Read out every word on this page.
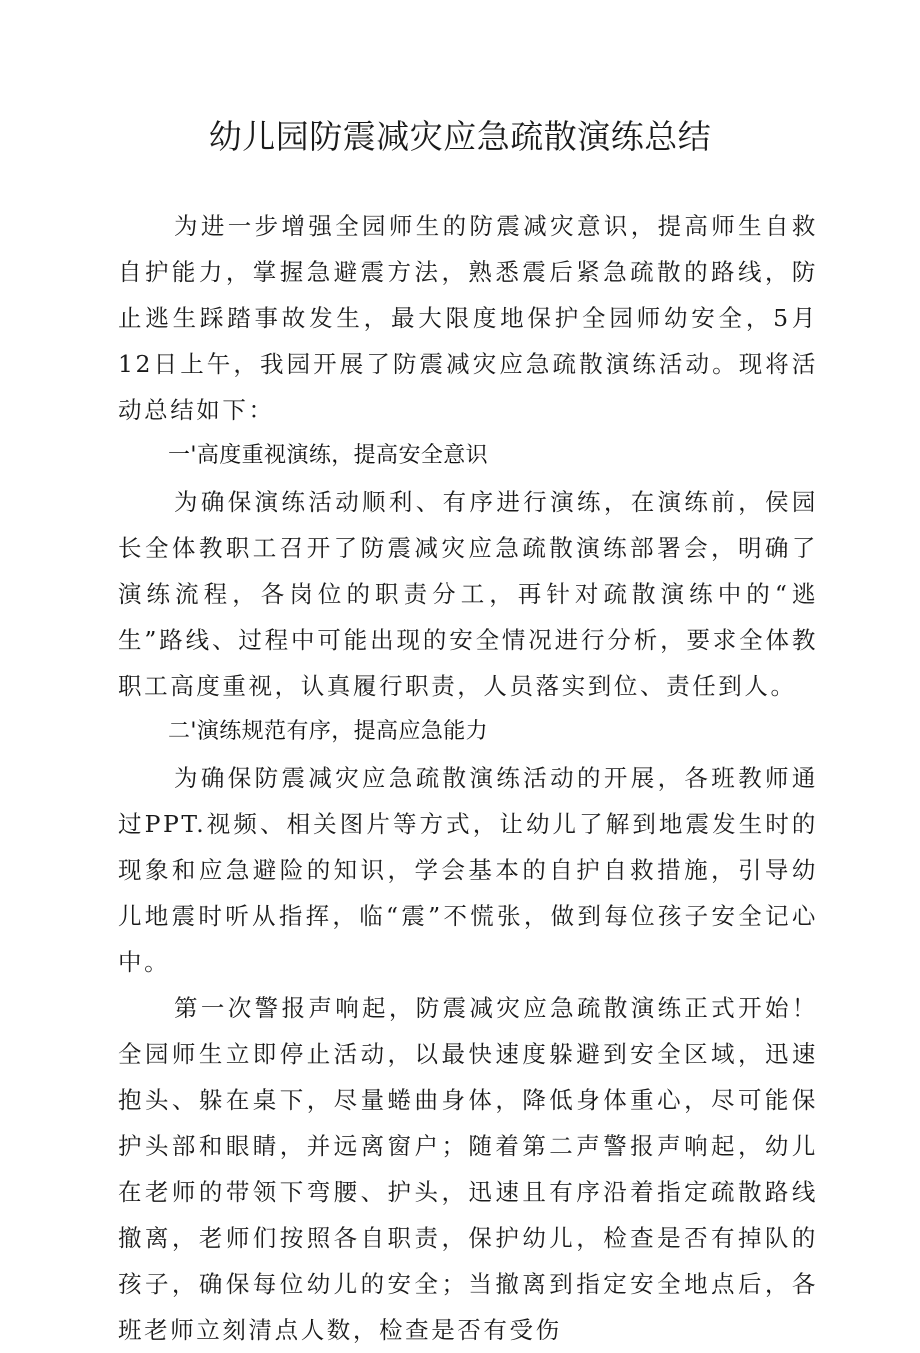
幼儿园防震减灾应急疏散演练总结

为进一步增强全园师生的防震减灾意识，提高师生自救自护能力，掌握急避震方法，熟悉震后紧急疏散的路线，防止逃生踩踏事故发生，最大限度地保护全园师幼安全，5月12日上午，我园开展了防震减灾应急疏散演练活动。现将活动总结如下：

一'高度重视演练，提高安全意识

为确保演练活动顺利、有序进行演练，在演练前，侯园长全体教职工召开了防震减灾应急疏散演练部署会，明确了演练流程，各岗位的职责分工，再针对疏散演练中的“逃生”路线、过程中可能出现的安全情况进行分析，要求全体教职工高度重视，认真履行职责，人员落实到位、责任到人。

二'演练规范有序，提高应急能力

为确保防震减灾应急疏散演练活动的开展，各班教师通过PPT.视频、相关图片等方式，让幼儿了解到地震发生时的现象和应急避险的知识，学会基本的自护自救措施，引导幼儿地震时听从指挥，临“震”不慌张，做到每位孩子安全记心中。

第一次警报声响起，防震减灾应急疏散演练正式开始！全园师生立即停止活动，以最快速度躲避到安全区域，迅速抱头、躲在桌下，尽量蜷曲身体，降低身体重心，尽可能保护头部和眼睛，并远离窗户；随着第二声警报声响起，幼儿在老师的带领下弯腰、护头，迅速且有序沿着指定疏散路线撤离，老师们按照各自职责，保护幼儿，检查是否有掉队的孩子，确保每位幼儿的安全；当撤离到指定安全地点后，各班老师立刻清点人数，检查是否有受伤
